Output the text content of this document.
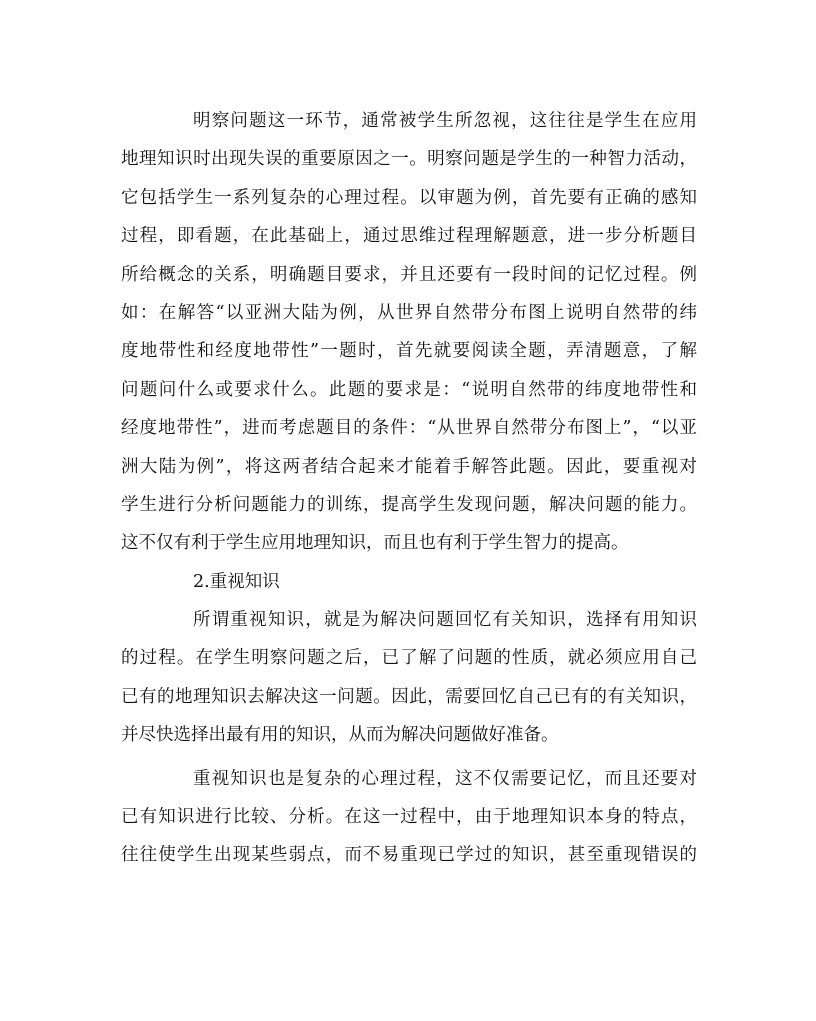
明察问题这一环节，通常被学生所忽视，这往往是学生在应用
地理知识时出现失误的重要原因之一。明察问题是学生的一种智力活动，
它包括学生一系列复杂的心理过程。以审题为例，首先要有正确的感知
过程，即看题，在此基础上，通过思维过程理解题意，进一步分析题目
所给概念的关系，明确题目要求，并且还要有一段时间的记忆过程。例
如：在解答“以亚洲大陆为例，从世界自然带分布图上说明自然带的纬
度地带性和经度地带性”一题时，首先就要阅读全题，弄清题意，了解
问题问什么或要求什么。此题的要求是：“说明自然带的纬度地带性和
经度地带性”，进而考虑题目的条件：“从世界自然带分布图上”，“以亚
洲大陆为例”，将这两者结合起来才能着手解答此题。因此，要重视对
学生进行分析问题能力的训练，提高学生发现问题，解决问题的能力。
这不仅有利于学生应用地理知识，而且也有利于学生智力的提高。
2.重视知识
所谓重视知识，就是为解决问题回忆有关知识，选择有用知识
的过程。在学生明察问题之后，已了解了问题的性质，就必须应用自己
已有的地理知识去解决这一问题。因此，需要回忆自己已有的有关知识，
并尽快选择出最有用的知识，从而为解决问题做好准备。
重视知识也是复杂的心理过程，这不仅需要记忆，而且还要对
已有知识进行比较、分析。在这一过程中，由于地理知识本身的特点，
往往使学生出现某些弱点，而不易重现已学过的知识，甚至重现错误的
